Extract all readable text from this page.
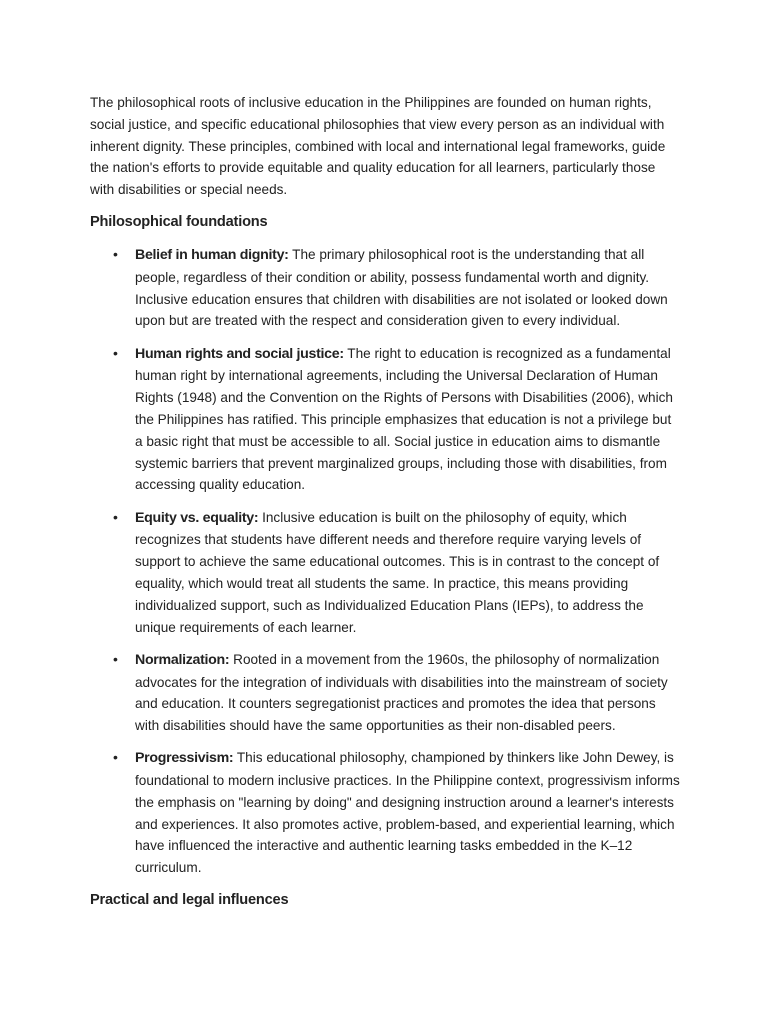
The philosophical roots of inclusive education in the Philippines are founded on human rights, social justice, and specific educational philosophies that view every person as an individual with inherent dignity. These principles, combined with local and international legal frameworks, guide the nation's efforts to provide equitable and quality education for all learners, particularly those with disabilities or special needs.

Philosophical foundations
• Belief in human dignity: The primary philosophical root is the understanding that all people, regardless of their condition or ability, possess fundamental worth and dignity. Inclusive education ensures that children with disabilities are not isolated or looked down upon but are treated with the respect and consideration given to every individual.
• Human rights and social justice: The right to education is recognized as a fundamental human right by international agreements, including the Universal Declaration of Human Rights (1948) and the Convention on the Rights of Persons with Disabilities (2006), which the Philippines has ratified. This principle emphasizes that education is not a privilege but a basic right that must be accessible to all. Social justice in education aims to dismantle systemic barriers that prevent marginalized groups, including those with disabilities, from accessing quality education.
• Equity vs. equality: Inclusive education is built on the philosophy of equity, which recognizes that students have different needs and therefore require varying levels of support to achieve the same educational outcomes. This is in contrast to the concept of equality, which would treat all students the same. In practice, this means providing individualized support, such as Individualized Education Plans (IEPs), to address the unique requirements of each learner.
• Normalization: Rooted in a movement from the 1960s, the philosophy of normalization advocates for the integration of individuals with disabilities into the mainstream of society and education. It counters segregationist practices and promotes the idea that persons with disabilities should have the same opportunities as their non-disabled peers.
• Progressivism: This educational philosophy, championed by thinkers like John Dewey, is foundational to modern inclusive practices. In the Philippine context, progressivism informs the emphasis on "learning by doing" and designing instruction around a learner's interests and experiences. It also promotes active, problem-based, and experiential learning, which have influenced the interactive and authentic learning tasks embedded in the K–12 curriculum.
Practical and legal influences
